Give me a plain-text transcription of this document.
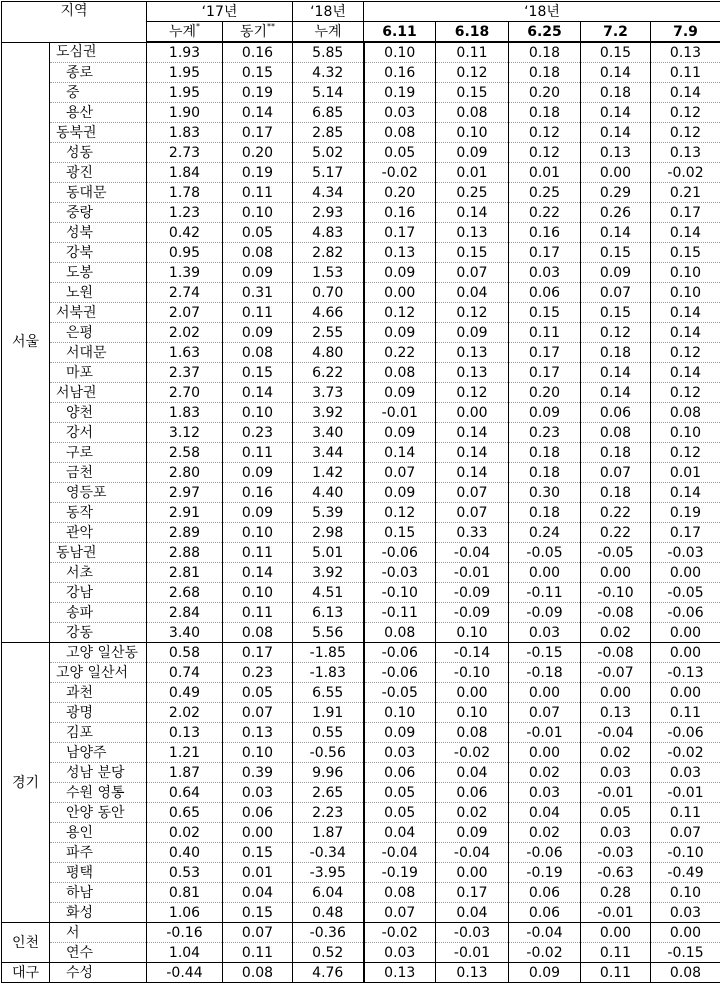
지역		‘17년		‘18년	‘18년				
		누계*	동기**	누계	6.11	6.18	6.25	7.2	7.9
서울	도심권	1.93	0.16	5.85	0.10	0.11	0.18	0.15	0.13
	종로	1.95	0.15	4.32	0.16	0.12	0.18	0.14	0.11
	중	1.95	0.19	5.14	0.19	0.15	0.20	0.18	0.14
	용산	1.90	0.14	6.85	0.03	0.08	0.18	0.14	0.12
	동북권	1.83	0.17	2.85	0.08	0.10	0.12	0.14	0.12
	성동	2.73	0.20	5.02	0.05	0.09	0.12	0.13	0.13
	광진	1.84	0.19	5.17	-0.02	0.01	0.01	0.00	-0.02
	동대문	1.78	0.11	4.34	0.20	0.25	0.25	0.29	0.21
	중랑	1.23	0.10	2.93	0.16	0.14	0.22	0.26	0.17
	성북	0.42	0.05	4.83	0.17	0.13	0.16	0.14	0.14
	강북	0.95	0.08	2.82	0.13	0.15	0.17	0.15	0.15
	도봉	1.39	0.09	1.53	0.09	0.07	0.03	0.09	0.10
	노원	2.74	0.31	0.70	0.00	0.04	0.06	0.07	0.10
	서북권	2.07	0.11	4.66	0.12	0.12	0.15	0.15	0.14
	은평	2.02	0.09	2.55	0.09	0.09	0.11	0.12	0.14
	서대문	1.63	0.08	4.80	0.22	0.13	0.17	0.18	0.12
	마포	2.37	0.15	6.22	0.08	0.13	0.17	0.14	0.14
	서남권	2.70	0.14	3.73	0.09	0.12	0.20	0.14	0.12
	양천	1.83	0.10	3.92	-0.01	0.00	0.09	0.06	0.08
	강서	3.12	0.23	3.40	0.09	0.14	0.23	0.08	0.10
	구로	2.58	0.11	3.44	0.14	0.14	0.18	0.18	0.12
	금천	2.80	0.09	1.42	0.07	0.14	0.18	0.07	0.01
	영등포	2.97	0.16	4.40	0.09	0.07	0.30	0.18	0.14
	동작	2.91	0.09	5.39	0.12	0.07	0.18	0.22	0.19
	관악	2.89	0.10	2.98	0.15	0.33	0.24	0.22	0.17
	동남권	2.88	0.11	5.01	-0.06	-0.04	-0.05	-0.05	-0.03
	서초	2.81	0.14	3.92	-0.03	-0.01	0.00	0.00	0.00
	강남	2.68	0.10	4.51	-0.10	-0.09	-0.11	-0.10	-0.05
	송파	2.84	0.11	6.13	-0.11	-0.09	-0.09	-0.08	-0.06
	강동	3.40	0.08	5.56	0.08	0.10	0.03	0.02	0.00
경기	고양 일산동	0.58	0.17	-1.85	-0.06	-0.14	-0.15	-0.08	0.00
	고양 일산서	0.74	0.23	-1.83	-0.06	-0.10	-0.18	-0.07	-0.13
	과천	0.49	0.05	6.55	-0.05	0.00	0.00	0.00	0.00
	광명	2.02	0.07	1.91	0.10	0.10	0.07	0.13	0.11
	김포	0.13	0.13	0.55	0.09	0.08	-0.01	-0.04	-0.06
	남양주	1.21	0.10	-0.56	0.03	-0.02	0.00	0.02	-0.02
	성남 분당	1.87	0.39	9.96	0.06	0.04	0.02	0.03	0.03
	수원 영통	0.64	0.03	2.65	0.05	0.06	0.03	-0.01	-0.01
	안양 동안	0.65	0.06	2.23	0.05	0.02	0.04	0.05	0.11
	용인	0.02	0.00	1.87	0.04	0.09	0.02	0.03	0.07
	파주	0.40	0.15	-0.34	-0.04	-0.04	-0.06	-0.03	-0.10
	평택	0.53	0.01	-3.95	-0.19	0.00	-0.19	-0.63	-0.49
	하남	0.81	0.04	6.04	0.08	0.17	0.06	0.28	0.10
	화성	1.06	0.15	0.48	0.07	0.04	0.06	-0.01	0.03
인천	서	-0.16	0.07	-0.36	-0.02	-0.03	-0.04	0.00	0.00
	연수	1.04	0.11	0.52	0.03	-0.01	-0.02	0.11	-0.15
대구	수성	-0.44	0.08	4.76	0.13	0.13	0.09	0.11	0.08
